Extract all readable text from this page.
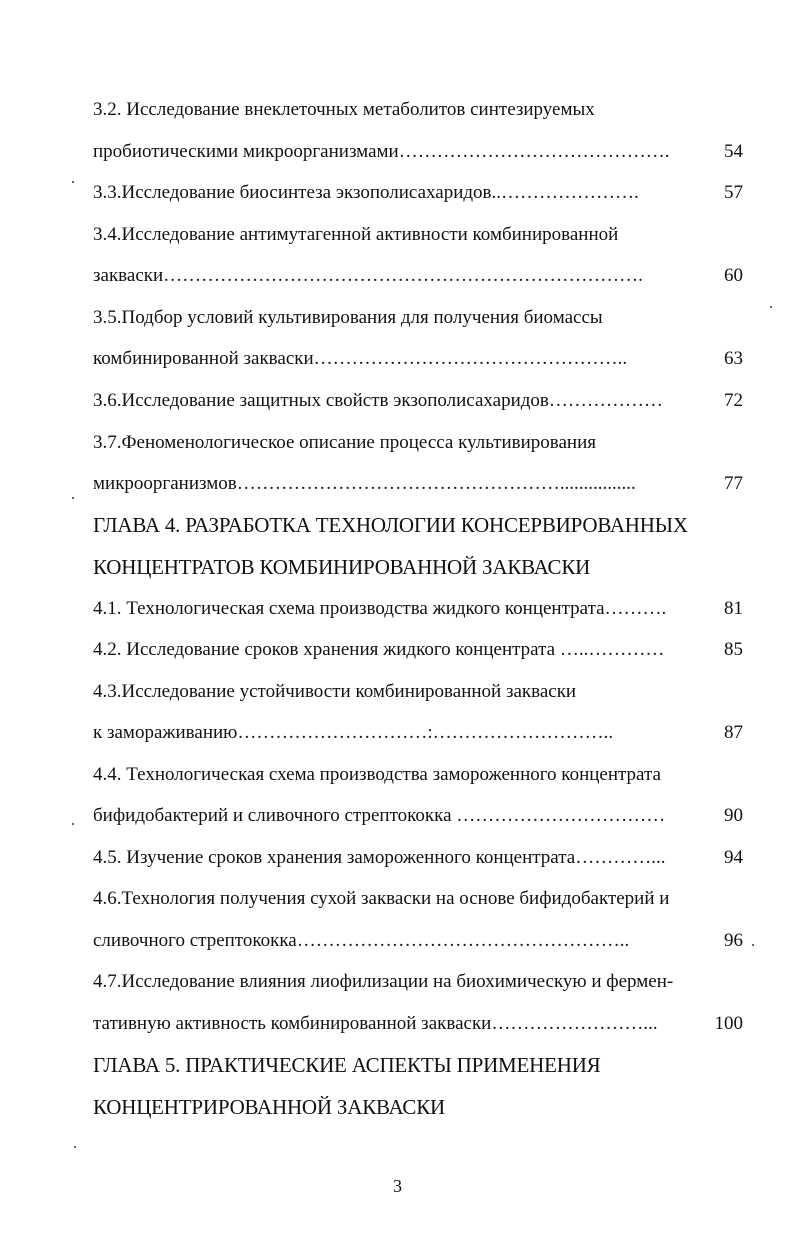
3.2. Исследование внеклеточных метаболитов синтезируемых
пробиотическими микроорганизмами…………………………………….	54
3.3.Исследование биосинтеза экзополисахаридов..………………….	57
3.4.Исследование антимутагенной активности комбинированной
закваски………………………………………………………………….	60
3.5.Подбор условий культивирования для получения биомассы
комбинированной закваски…………………………………………..	63
3.6.Исследование защитных свойств экзополисахаридов………………	72
3.7.Феноменологическое описание процесса культивирования
микроорганизмов……………………………………………................	77
ГЛАВА 4. РАЗРАБОТКА ТЕХНОЛОГИИ КОНСЕРВИРОВАННЫХ
КОНЦЕНТРАТОВ КОМБИНИРОВАННОЙ ЗАКВАСКИ
4.1. Технологическая схема производства жидкого концентрата……….	81
4.2. Исследование сроков хранения жидкого концентрата …..…………	85
4.3.Исследование устойчивости комбинированной закваски
к замораживанию…………………………:………………………..	87
4.4. Технологическая схема производства замороженного концентрата
бифидобактерий и сливочного стрептококка ……………………………	90
4.5. Изучение сроков хранения замороженного концентрата…………...	94
4.6.Технология получения сухой закваски на основе бифидобактерий и
сливочного стрептококка……………………………………………..	96
4.7.Исследование влияния лиофилизации на биохимическую и фермен-
тативную активность комбинированной закваски……………………...	100
ГЛАВА 5. ПРАКТИЧЕСКИЕ АСПЕКТЫ ПРИМЕНЕНИЯ
КОНЦЕНТРИРОВАННОЙ ЗАКВАСКИ
3
